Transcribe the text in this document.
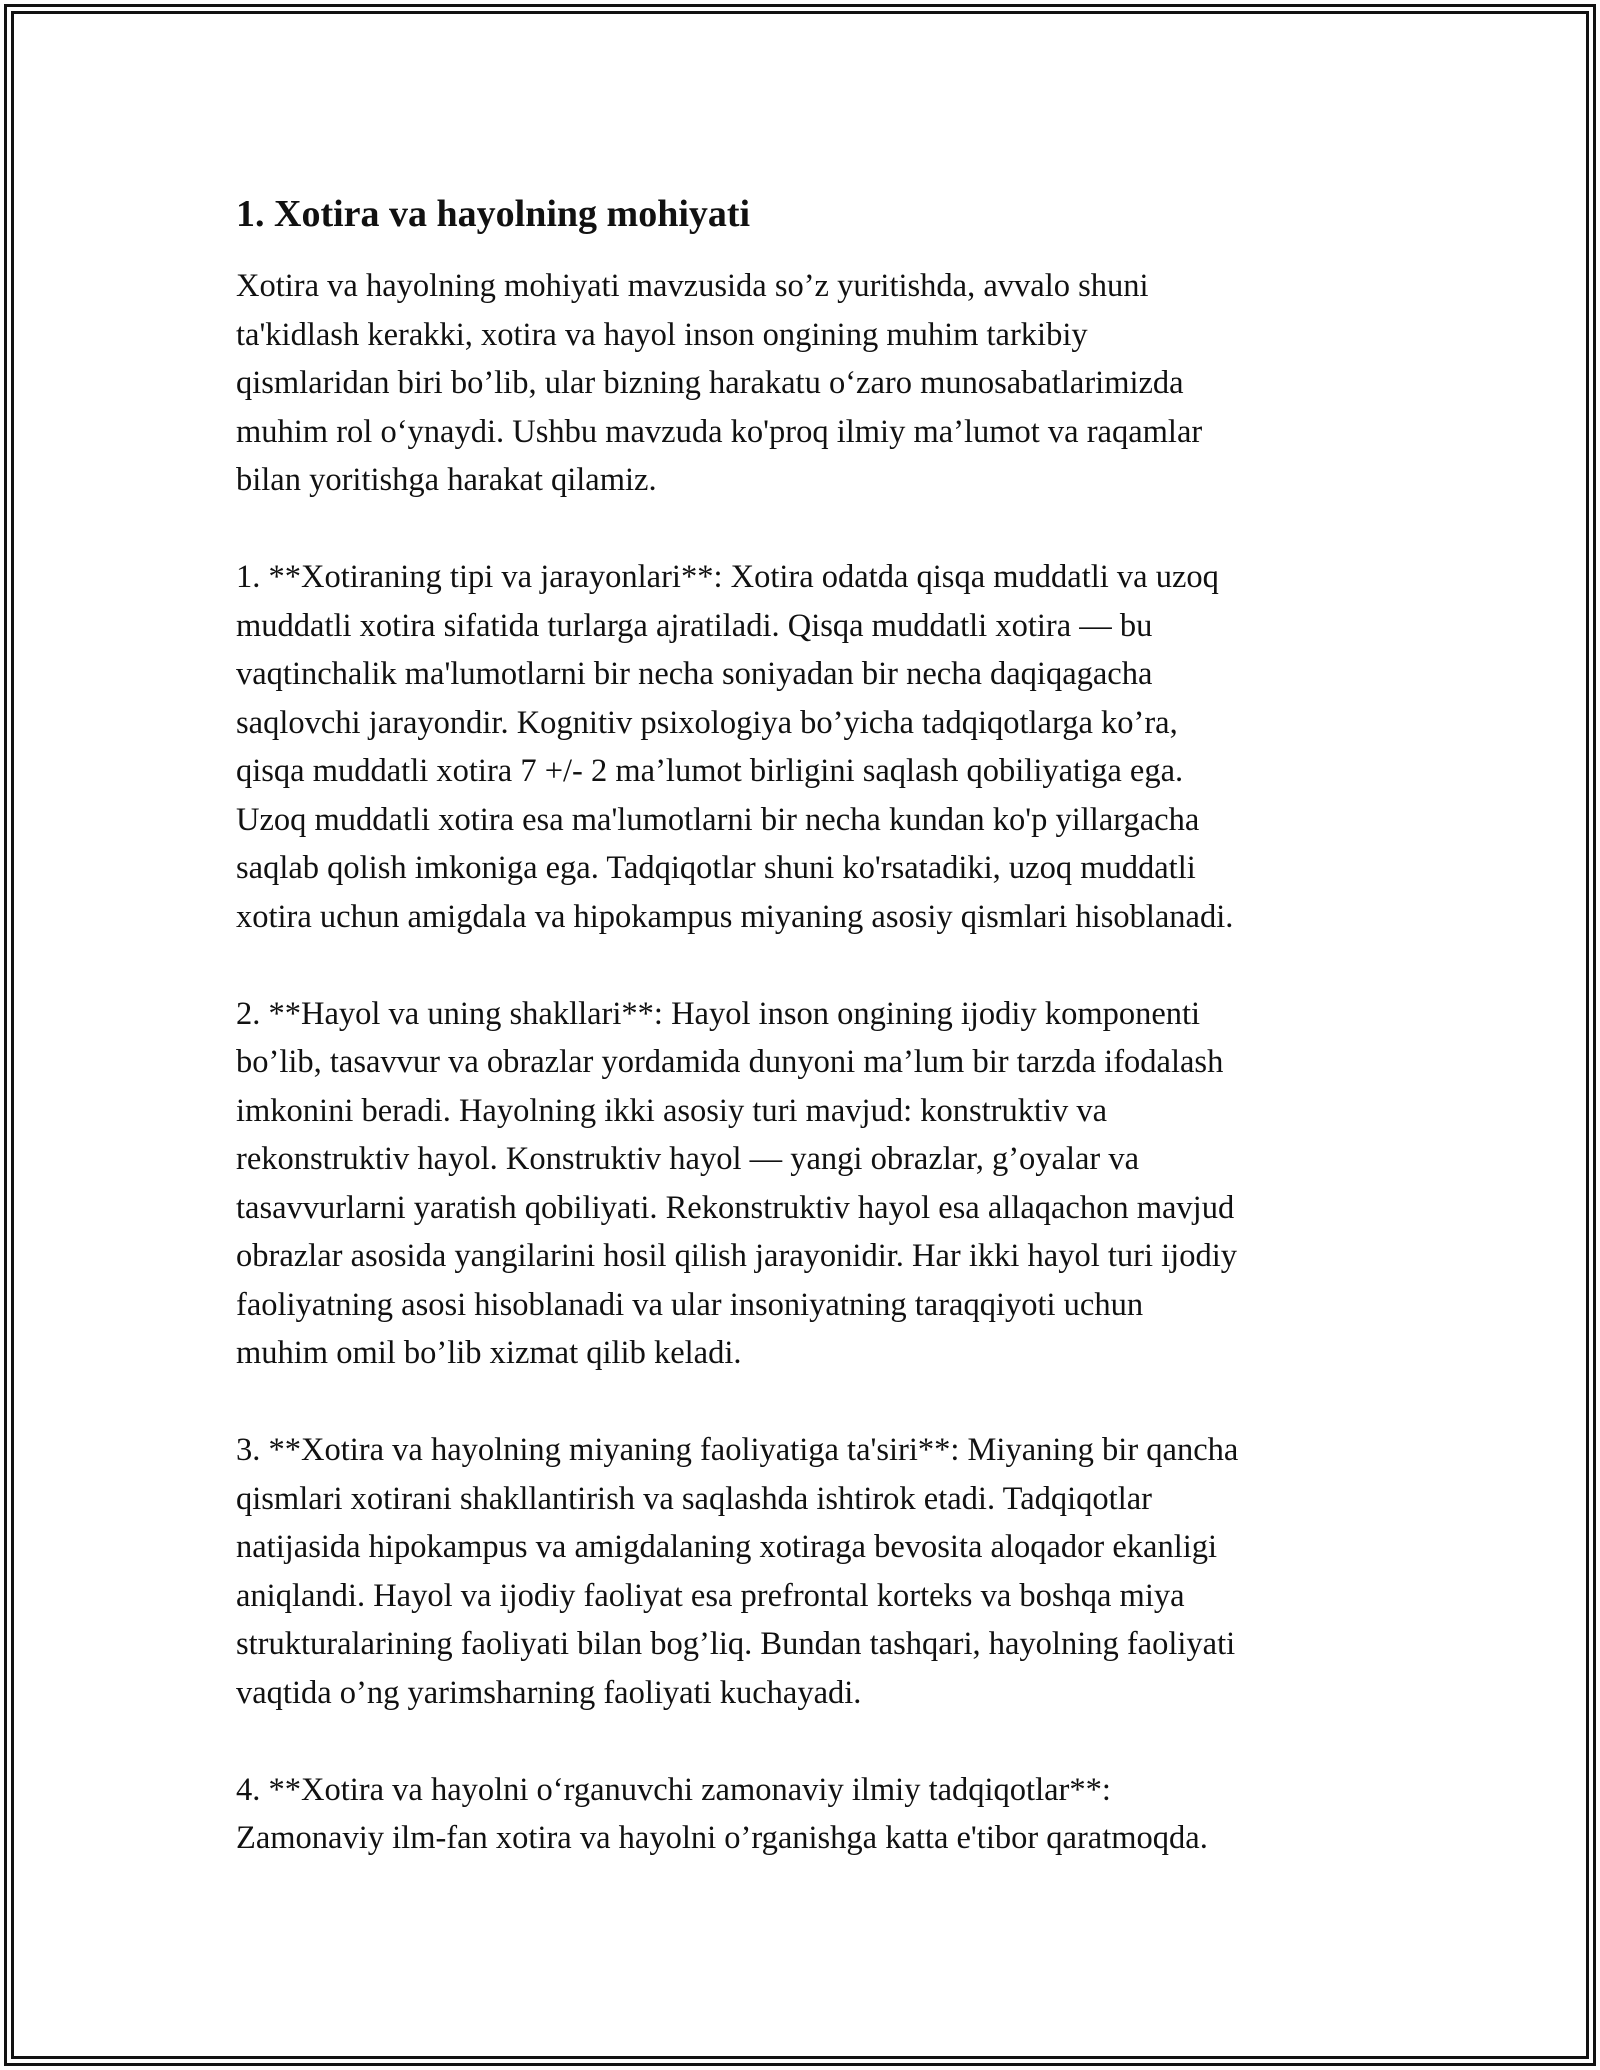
1. Xotira va hayolning mohiyati
Xotira va hayolning mohiyati mavzusida so’z yuritishda, avvalo shuni
ta'kidlash kerakki, xotira va hayol inson ongining muhim tarkibiy
qismlaridan biri bo’lib, ular bizning harakatu o‘zaro munosabatlarimizda
muhim rol o‘ynaydi. Ushbu mavzuda ko'proq ilmiy ma’lumot va raqamlar
bilan yoritishga harakat qilamiz.
1. **Xotiraning tipi va jarayonlari**: Xotira odatda qisqa muddatli va uzoq
muddatli xotira sifatida turlarga ajratiladi. Qisqa muddatli xotira — bu
vaqtinchalik ma'lumotlarni bir necha soniyadan bir necha daqiqagacha
saqlovchi jarayondir. Kognitiv psixologiya bo’yicha tadqiqotlarga ko’ra,
qisqa muddatli xotira 7 +/- 2 ma’lumot birligini saqlash qobiliyatiga ega.
Uzoq muddatli xotira esa ma'lumotlarni bir necha kundan ko'p yillargacha
saqlab qolish imkoniga ega. Tadqiqotlar shuni ko'rsatadiki, uzoq muddatli
xotira uchun amigdala va hipokampus miyaning asosiy qismlari hisoblanadi.
2. **Hayol va uning shakllari**: Hayol inson ongining ijodiy komponenti
bo’lib, tasavvur va obrazlar yordamida dunyoni ma’lum bir tarzda ifodalash
imkonini beradi. Hayolning ikki asosiy turi mavjud: konstruktiv va
rekonstruktiv hayol. Konstruktiv hayol — yangi obrazlar, g’oyalar va
tasavvurlarni yaratish qobiliyati. Rekonstruktiv hayol esa allaqachon mavjud
obrazlar asosida yangilarini hosil qilish jarayonidir. Har ikki hayol turi ijodiy
faoliyatning asosi hisoblanadi va ular insoniyatning taraqqiyoti uchun
muhim omil bo’lib xizmat qilib keladi.
3. **Xotira va hayolning miyaning faoliyatiga ta'siri**: Miyaning bir qancha
qismlari xotirani shakllantirish va saqlashda ishtirok etadi. Tadqiqotlar
natijasida hipokampus va amigdalaning xotiraga bevosita aloqador ekanligi
aniqlandi. Hayol va ijodiy faoliyat esa prefrontal korteks va boshqa miya
strukturalarining faoliyati bilan bog’liq. Bundan tashqari, hayolning faoliyati
vaqtida o’ng yarimsharning faoliyati kuchayadi.
4. **Xotira va hayolni o‘rganuvchi zamonaviy ilmiy tadqiqotlar**:
Zamonaviy ilm-fan xotira va hayolni o’rganishga katta e'tibor qaratmoqda.
